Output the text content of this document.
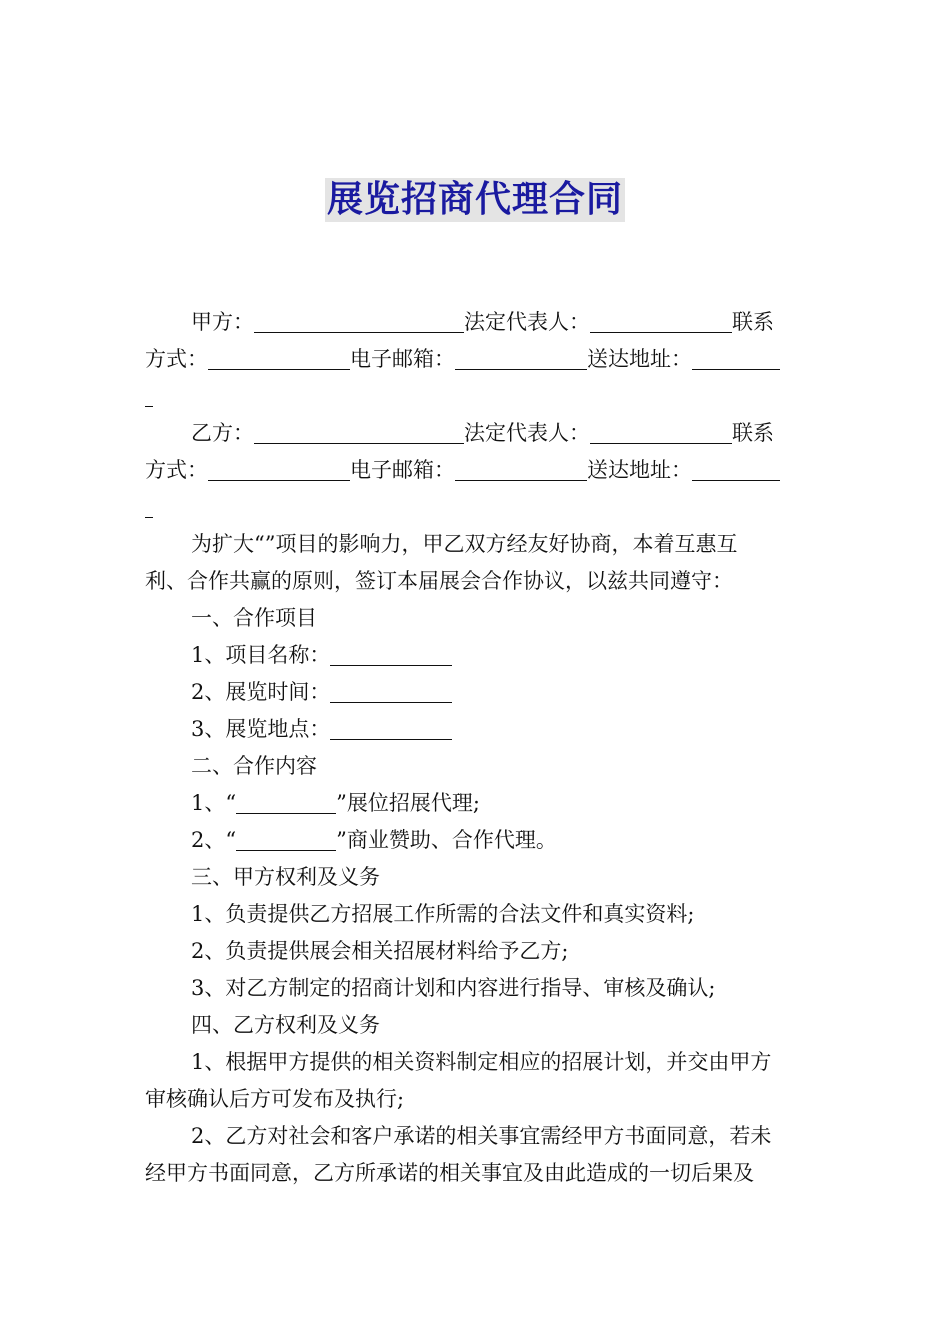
展览招商代理合同

甲方：	法定代表人：	联系

方式：	电子邮箱：	送达地址：

乙方：	法定代表人：	联系

方式：	电子邮箱：	送达地址：

为扩大“”项目的影响力，甲乙双方经友好协商，本着互惠互

利、合作共赢的原则，签订本届展会合作协议，以兹共同遵守：

一、合作项目

1、项目名称：

2、展览时间：

3、展览地点：

二、合作内容

1、“	”展位招展代理;

2、“	”商业赞助、合作代理。

三、甲方权利及义务

1、负责提供乙方招展工作所需的合法文件和真实资料;

2、负责提供展会相关招展材料给予乙方;

3、对乙方制定的招商计划和内容进行指导、审核及确认;

四、乙方权利及义务

1、根据甲方提供的相关资料制定相应的招展计划，并交由甲方

审核确认后方可发布及执行;

2、乙方对社会和客户承诺的相关事宜需经甲方书面同意，若未

经甲方书面同意，乙方所承诺的相关事宜及由此造成的一切后果及
